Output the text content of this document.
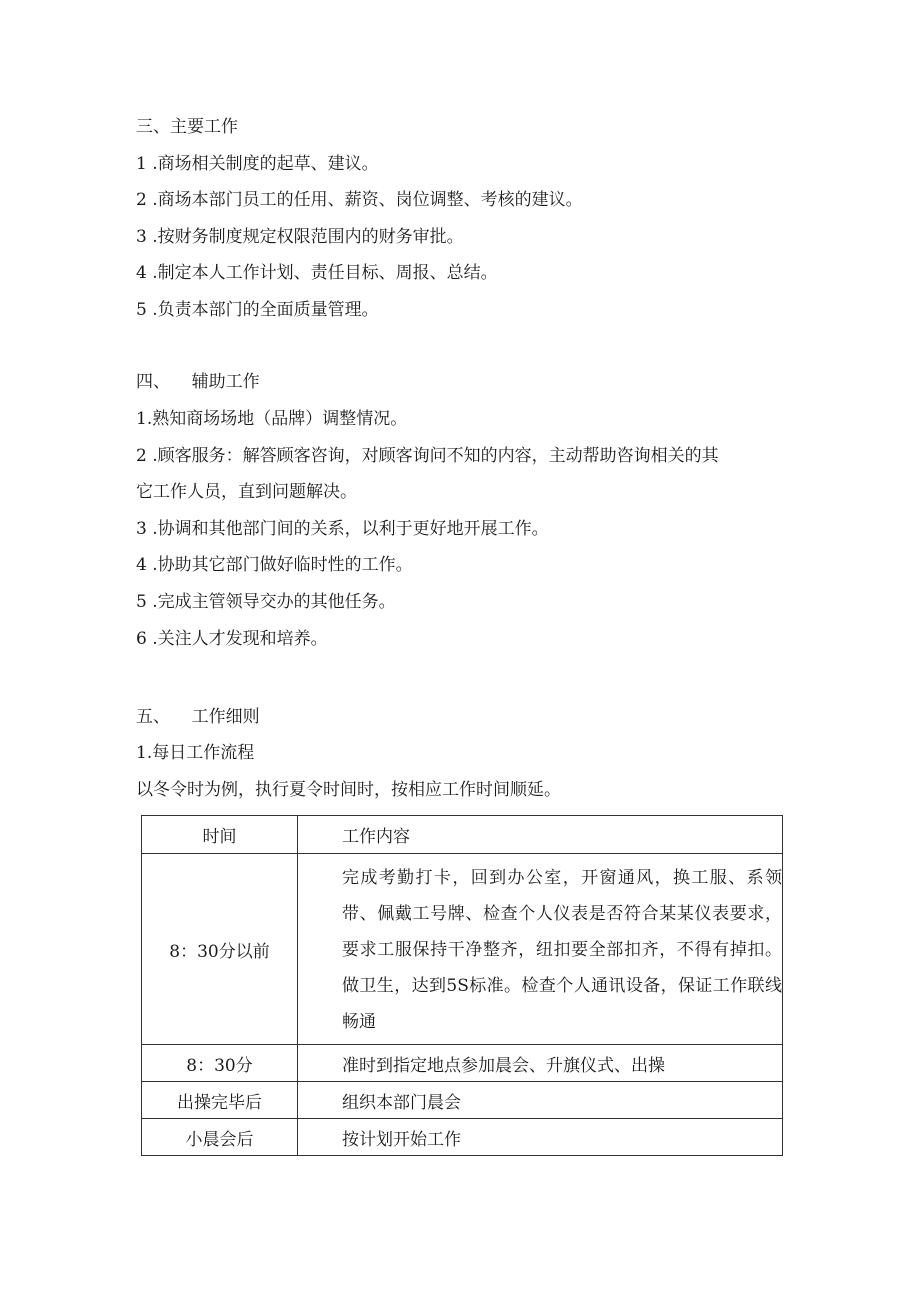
三、主要工作
1 .商场相关制度的起草、建议。
2 .商场本部门员工的任用、薪资、岗位调整、考核的建议。
3 .按财务制度规定权限范围内的财务审批。
4 .制定本人工作计划、责任目标、周报、总结。
5 .负责本部门的全面质量管理。
四、    辅助工作
1.熟知商场场地（品牌）调整情况。
2 .顾客服务：解答顾客咨询，对顾客询问不知的内容，主动帮助咨询相关的其
它工作人员，直到问题解决。
3 .协调和其他部门间的关系，以利于更好地开展工作。
4 .协助其它部门做好临时性的工作。
5 .完成主管领导交办的其他任务。
6 .关注人才发现和培养。
五、    工作细则
1.每日工作流程
以冬令时为例，执行夏令时间时，按相应工作时间顺延。
时间	工作内容
8：30分以前	完成考勤打卡，回到办公室，开窗通风，换工服、系领带、佩戴工号牌、检查个人仪表是否符合某某仪表要求，要求工服保持干净整齐，纽扣要全部扣齐，不得有掉扣。做卫生，达到5S标准。检查个人通讯设备，保证工作联线畅通

8：30分	准时到指定地点参加晨会、升旗仪式、出操
出操完毕后	组织本部门晨会
小晨会后	按计划开始工作
